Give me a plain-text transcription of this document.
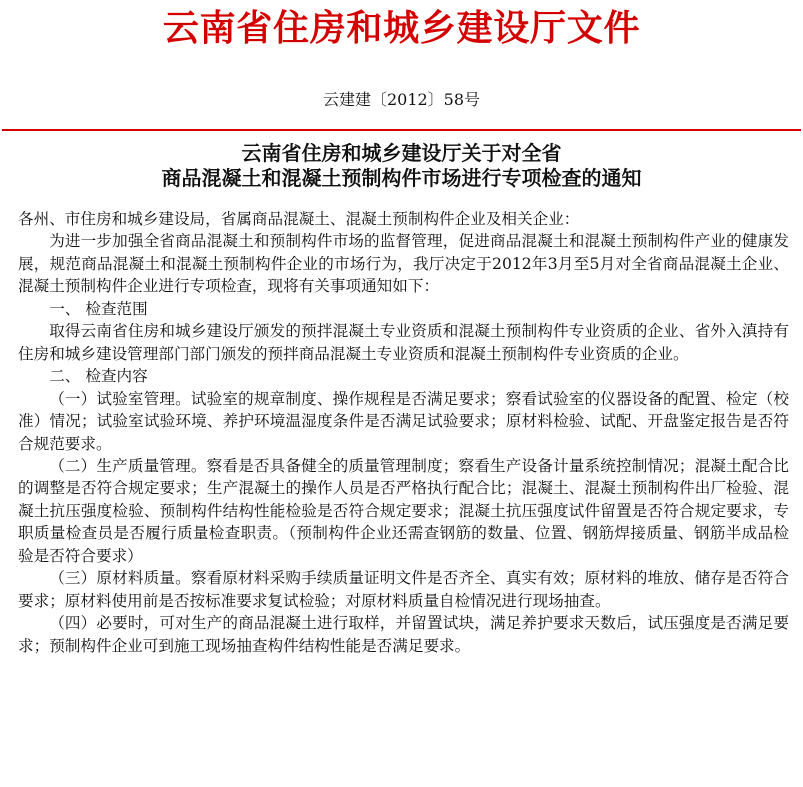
云南省住房和城乡建设厅文件
云建建〔2012〕58号
云南省住房和城乡建设厅关于对全省
商品混凝土和混凝土预制构件市场进行专项检查的通知

各州、市住房和城乡建设局，省属商品混凝土、混凝土预制构件企业及相关企业：

为进一步加强全省商品混凝土和预制构件市场的监督管理，促进商品混凝土和混凝土预制构件产业的健康发展，规范商品混凝土和混凝土预制构件企业的市场行为，我厅决定于2012年3月至5月对全省商品混凝土企业、混凝土预制构件企业进行专项检查，现将有关事项通知如下：

一、 检查范围

取得云南省住房和城乡建设厅颁发的预拌混凝土专业资质和混凝土预制构件专业资质的企业、省外入滇持有住房和城乡建设管理部门部门颁发的预拌商品混凝土专业资质和混凝土预制构件专业资质的企业。

二、 检查内容

（一）试验室管理。试验室的规章制度、操作规程是否满足要求；察看试验室的仪器设备的配置、检定（校准）情况；试验室试验环境、养护环境温湿度条件是否满足试验要求；原材料检验、试配、开盘鉴定报告是否符合规范要求。

（二）生产质量管理。察看是否具备健全的质量管理制度；察看生产设备计量系统控制情况；混凝土配合比的调整是否符合规定要求；生产混凝土的操作人员是否严格执行配合比；混凝土、混凝土预制构件出厂检验、混凝土抗压强度检验、预制构件结构性能检验是否符合规定要求；混凝土抗压强度试件留置是否符合规定要求，专职质量检查员是否履行质量检查职责。（预制构件企业还需查钢筋的数量、位置、钢筋焊接质量、钢筋半成品检验是否符合要求）

（三）原材料质量。察看原材料采购手续质量证明文件是否齐全、真实有效；原材料的堆放、储存是否符合要求；原材料使用前是否按标准要求复试检验；对原材料质量自检情况进行现场抽查。

（四）必要时，可对生产的商品混凝土进行取样，并留置试块，满足养护要求天数后，试压强度是否满足要求；预制构件企业可到施工现场抽查构件结构性能是否满足要求。
